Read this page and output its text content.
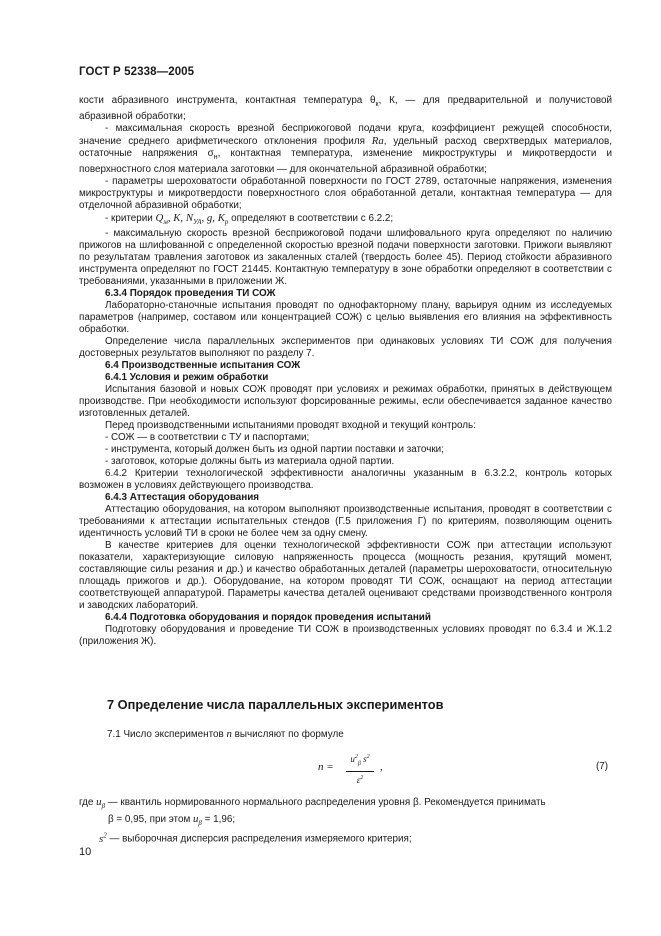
ГОСТ Р 52338—2005

кости абразивного инструмента, контактная температура $\theta_к$, К, — для предварительной и получистовой абразивной обработки;

- максимальная скорость врезной бесприжоговой подачи круга, коэффициент режущей способности, значение среднего арифметического отклонения профиля Ra, удельный расход сверхтвердых материалов, остаточные напряжения $\sigma_н$, контактная температура, изменение микроструктуры и микротвердости и поверхностного слоя материала заготовки — для окончательной абразивной обработки;

- параметры шероховатости обработанной поверхности по ГОСТ 2789, остаточные напряжения, изменения микроструктуры и микротвердости поверхностного слоя обработанной детали, контактная температура — для отделочной абразивной обработки;

- критерии $Q_м$, K, $N_{УА}$, g, $K_р$ определяют в соответствии с 6.2.2;

- максимальную скорость врезной бесприжоговой подачи шлифовального круга определяют по наличию прижогов на шлифованной с определенной скоростью врезной подачи поверхности заготовки. Прижоги выявляют по результатам травления заготовок из закаленных сталей (твердость более 45). Период стойкости абразивного инструмента определяют по ГОСТ 21445. Контактную температуру в зоне обработки определяют в соответствии с требованиями, указанными в приложении Ж.

6.3.4 Порядок проведения ТИ СОЖ

Лабораторно-станочные испытания проводят по однофакторному плану, варьируя одним из исследуемых параметров (например, составом или концентрацией СОЖ) с целью выявления его влияния на эффективность обработки.

Определение числа параллельных экспериментов при одинаковых условиях ТИ СОЖ для получения достоверных результатов выполняют по разделу 7.

6.4 Производственные испытания СОЖ

6.4.1 Условия и режим обработки

Испытания базовой и новых СОЖ проводят при условиях и режимах обработки, принятых в действующем производстве. При необходимости используют форсированные режимы, если обеспечивается заданное качество изготовленных деталей.

Перед производственными испытаниями проводят входной и текущий контроль:

- СОЖ — в соответствии с ТУ и паспортами;

- инструмента, который должен быть из одной партии поставки и заточки;

- заготовок, которые должны быть из материала одной партии.

6.4.2 Критерии технологической эффективности аналогичны указанным в 6.3.2.2, контроль которых возможен в условиях действующего производства.

6.4.3 Аттестация оборудования

Аттестацию оборудования, на котором выполняют производственные испытания, проводят в соответствии с требованиями к аттестации испытательных стендов (Г.5 приложения Г) по критериям, позволяющим оценить идентичность условий ТИ в сроки не более чем за одну смену.

В качестве критериев для оценки технологической эффективности СОЖ при аттестации используют показатели, характеризующие силовую напряженность процесса (мощность резания, крутящий момент, составляющие силы резания и др.) и качество обработанных деталей (параметры шероховатости, относительную площадь прижогов и др.). Оборудование, на котором проводят ТИ СОЖ, оснащают на период аттестации соответствующей аппаратурой. Параметры качества деталей оценивают средствами производственного контроля и заводских лабораторий.

6.4.4 Подготовка оборудования и порядок проведения испытаний

Подготовку оборудования и проведение ТИ СОЖ в производственных условиях проводят по 6.3.4 и Ж.1.2 (приложения Ж).

7 Определение числа параллельных экспериментов
7.1 Число экспериментов n вычисляют по формуле
n =
$u^2_\beta$ $s^2$
$\varepsilon^2$
,	(7)

где $u_\beta$ — квантиль нормированного нормального распределения уровня β. Рекомендуется принимать

β = 0,95, при этом $u_\beta = 1,96$;

$s^2$ — выборочная дисперсия распределения измеряемого критерия;

10
